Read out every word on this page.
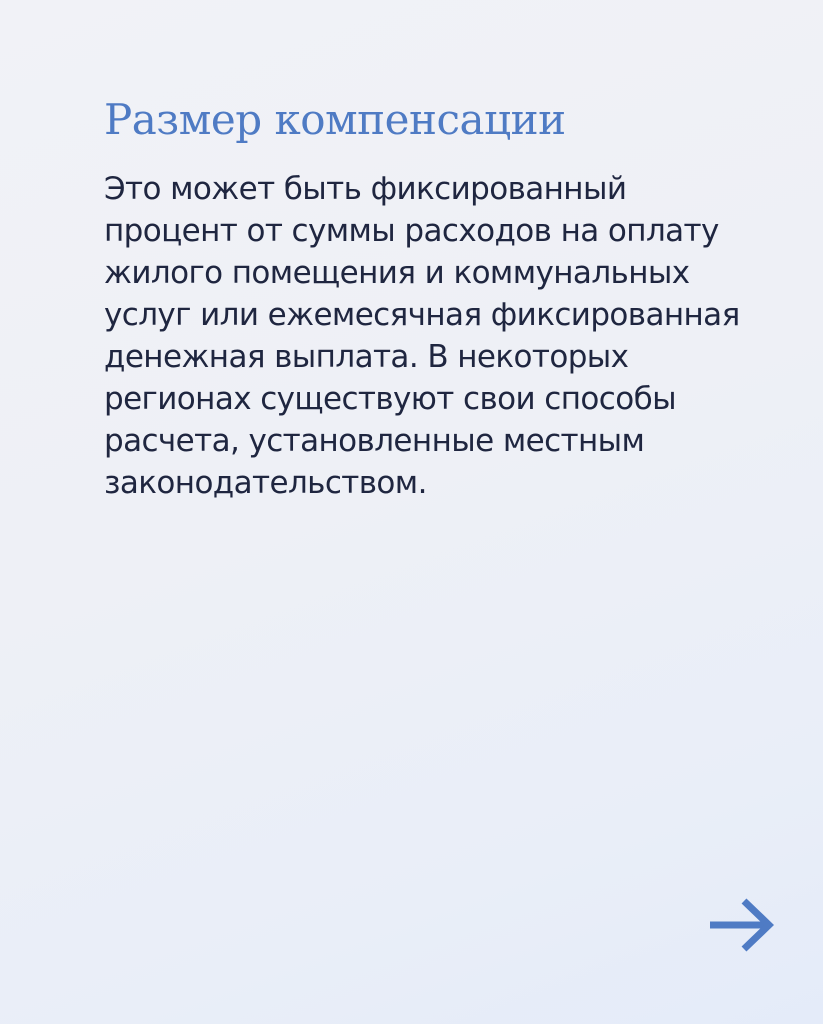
Размер компенсации

Это может быть фиксированный
процент от суммы расходов на оплату
жилого помещения и коммунальных
услуг или ежемесячная фиксированная
денежная выплата. В некоторых
регионах существуют свои способы
расчета, установленные местным
законодательством.
